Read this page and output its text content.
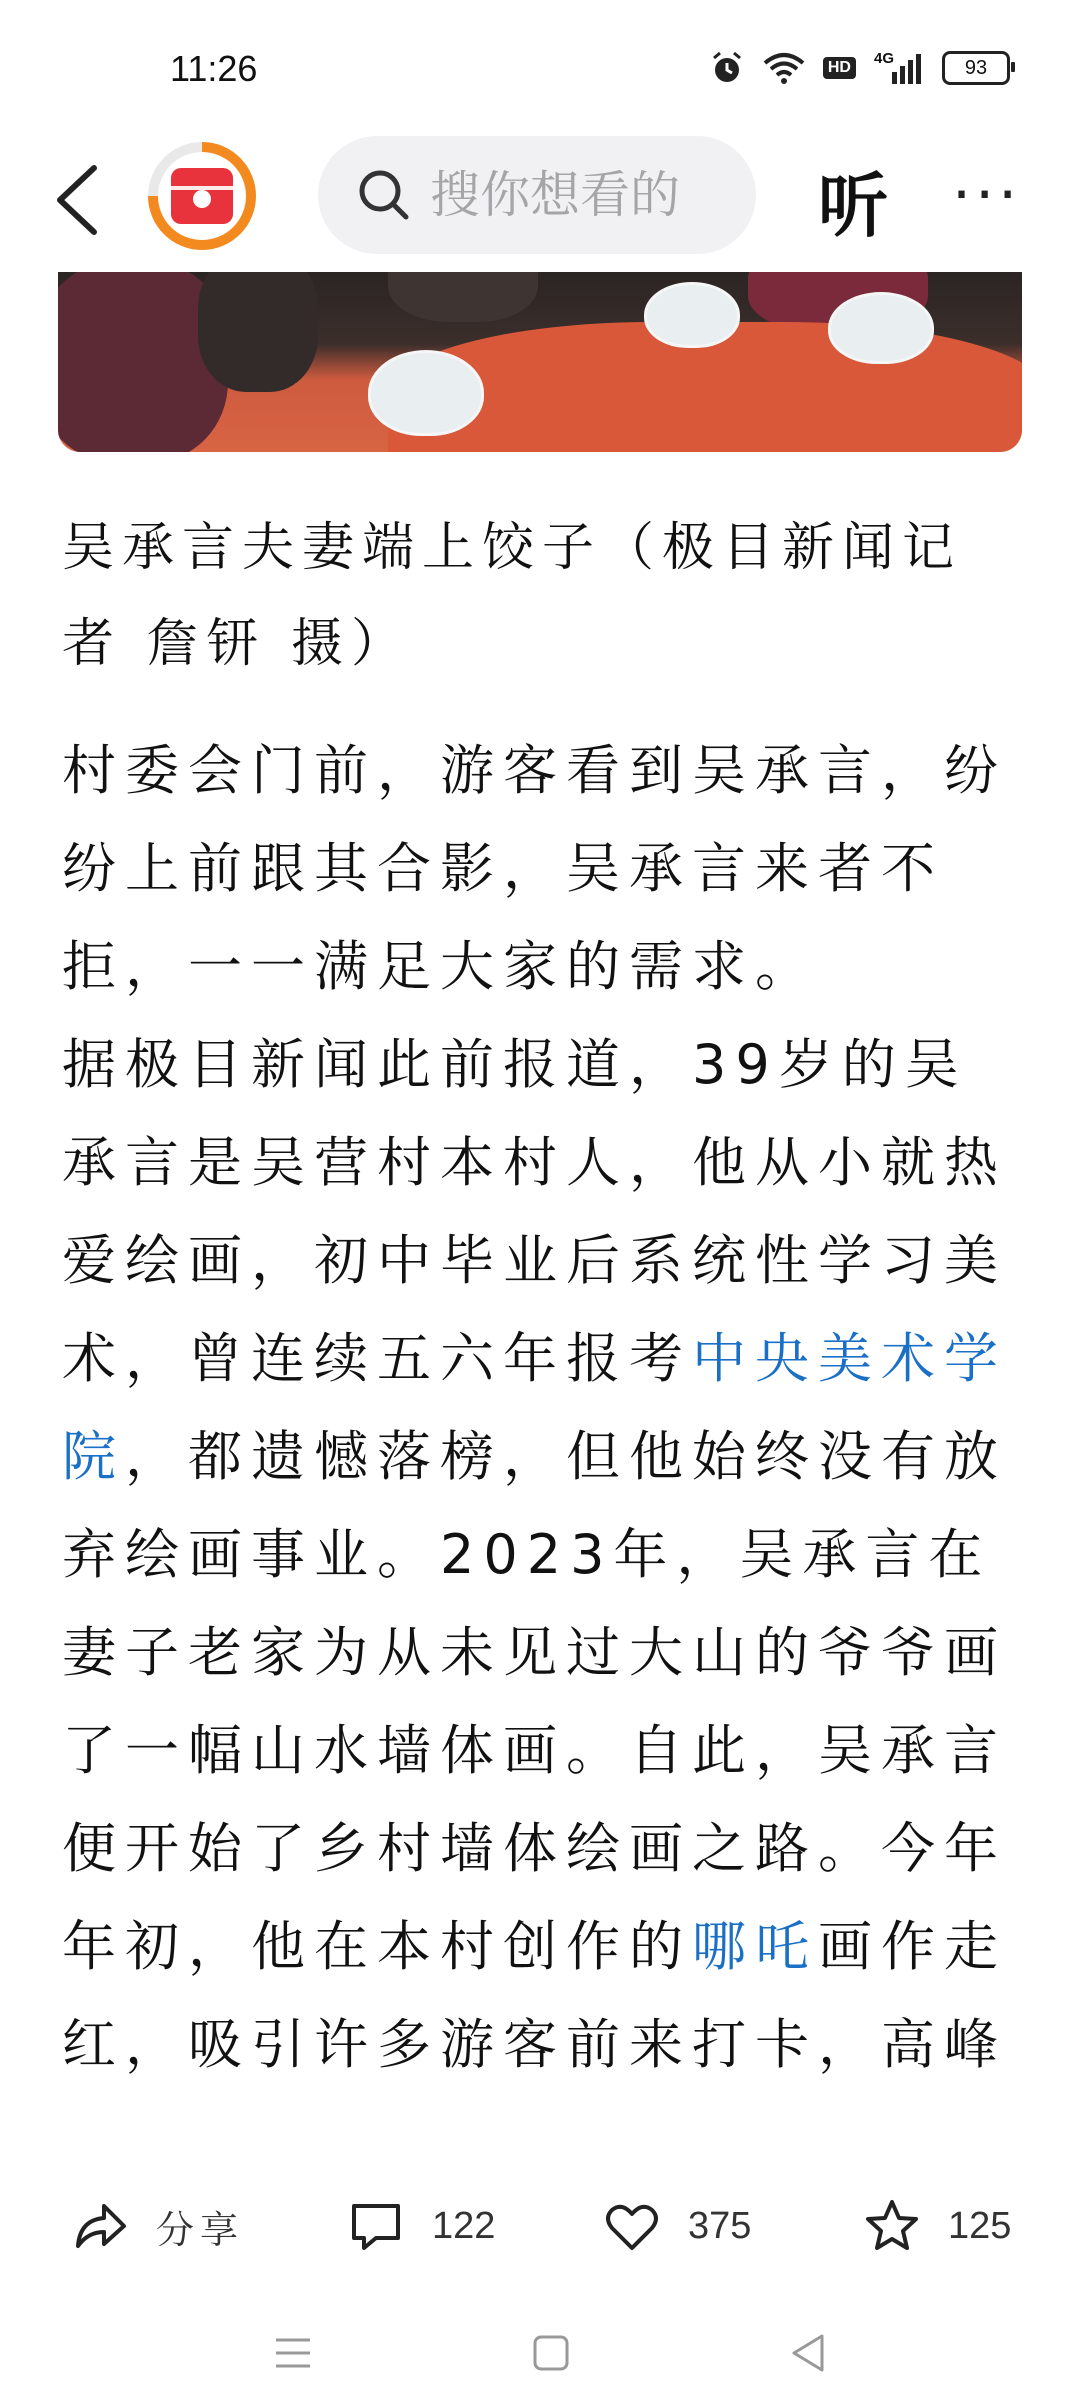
11:26	HD
4G	93
搜你想看的
听 ···
吴承言夫妻端上饺子（极目新闻记者 詹钘 摄）
村委会门前，游客看到吴承言，纷纷上前跟其合影，吴承言来者不拒，一一满足大家的需求。
据极目新闻此前报道，39岁的吴承言是吴营村本村人，他从小就热爱绘画，初中毕业后系统性学习美术，曾连续五六年报考中央美术学院，都遗憾落榜，但他始终没有放弃绘画事业。2023年，吴承言在妻子老家为从未见过大山的爷爷画了一幅山水墙体画。自此，吴承言便开始了乡村墙体绘画之路。今年年初，他在本村创作的哪吒画作走红，吸引许多游客前来打卡，高峰
分享	122	375	125
